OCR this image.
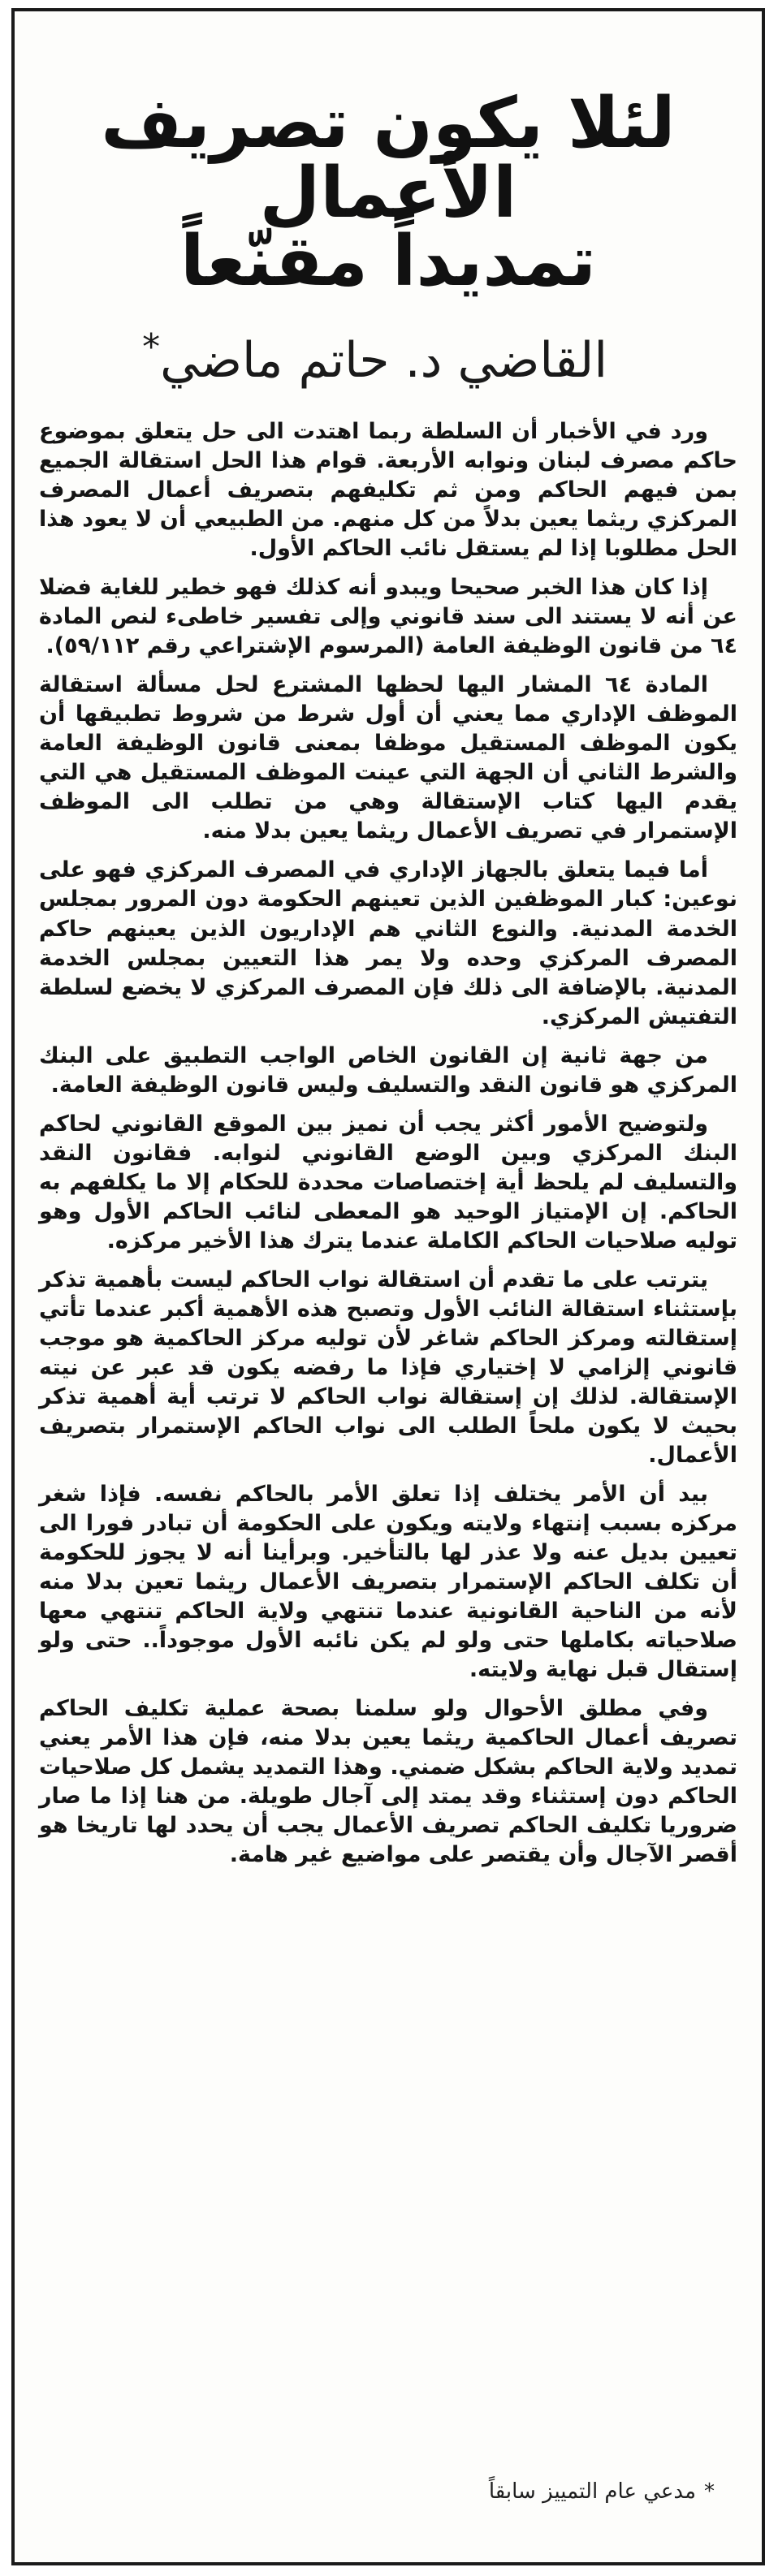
لئلا يكون تصريف الأعمال
تمديداً مقنّعاً
القاضي د. حاتم ماضي*

ورد في الأخبار أن السلطة ربما اهتدت الى حل يتعلق بموضوع حاكم مصرف لبنان ونوابه الأربعة. قوام هذا الحل استقالة الجميع بمن فيهم الحاكم ومن ثم تكليفهم بتصريف أعمال المصرف المركزي ريثما يعين بدلاً من كل منهم. من الطبيعي أن لا يعود هذا الحل مطلوبا إذا لم يستقل نائب الحاكم الأول.

إذا كان هذا الخبر صحيحا ويبدو أنه كذلك فهو خطير للغاية فضلا عن أنه لا يستند الى سند قانوني وإلى تفسير خاطىء لنص المادة ٦٤ من قانون الوظيفة العامة (المرسوم الإشتراعي رقم ٥٩/١١٢).

المادة ٦٤ المشار اليها لحظها المشترع لحل مسألة استقالة الموظف الإداري مما يعني أن أول شرط من شروط تطبيقها أن يكون الموظف المستقيل موظفا بمعنى قانون الوظيفة العامة والشرط الثاني أن الجهة التي عينت الموظف المستقيل هي التي يقدم اليها كتاب الإستقالة وهي من تطلب الى الموظف الإستمرار في تصريف الأعمال ريثما يعين بدلا منه.

أما فيما يتعلق بالجهاز الإداري في المصرف المركزي فهو على نوعين: كبار الموظفين الذين تعينهم الحكومة دون المرور بمجلس الخدمة المدنية. والنوع الثاني هم الإداريون الذين يعينهم حاكم المصرف المركزي وحده ولا يمر هذا التعيين بمجلس الخدمة المدنية. بالإضافة الى ذلك فإن المصرف المركزي لا يخضع لسلطة التفتيش المركزي.

من جهة ثانية إن القانون الخاص الواجب التطبيق على البنك المركزي هو قانون النقد والتسليف وليس قانون الوظيفة العامة.

ولتوضيح الأمور أكثر يجب أن نميز بين الموقع القانوني لحاكم البنك المركزي وبين الوضع القانوني لنوابه. فقانون النقد والتسليف لم يلحظ أية إختصاصات محددة للحكام إلا ما يكلفهم به الحاكم. إن الإمتياز الوحيد هو المعطى لنائب الحاكم الأول وهو توليه صلاحيات الحاكم الكاملة عندما يترك هذا الأخير مركزه.

يترتب على ما تقدم أن استقالة نواب الحاكم ليست بأهمية تذكر بإستثناء استقالة النائب الأول وتصبح هذه الأهمية أكبر عندما تأتي إستقالته ومركز الحاكم شاغر لأن توليه مركز الحاكمية هو موجب قانوني إلزامي لا إختياري فإذا ما رفضه يكون قد عبر عن نيته الإستقالة. لذلك إن إستقالة نواب الحاكم لا ترتب أية أهمية تذكر بحيث لا يكون ملحاً الطلب الى نواب الحاكم الإستمرار بتصريف الأعمال.

بيد أن الأمر يختلف إذا تعلق الأمر بالحاكم نفسه. فإذا شغر مركزه بسبب إنتهاء ولايته ويكون على الحكومة أن تبادر فورا الى تعيين بديل عنه ولا عذر لها بالتأخير. وبرأينا أنه لا يجوز للحكومة أن تكلف الحاكم الإستمرار بتصريف الأعمال ريثما تعين بدلا منه لأنه من الناحية القانونية عندما تنتهي ولاية الحاكم تنتهي معها صلاحياته بكاملها حتى ولو لم يكن نائبه الأول موجوداً.. حتى ولو إستقال قبل نهاية ولايته.

وفي مطلق الأحوال ولو سلمنا بصحة عملية تكليف الحاكم تصريف أعمال الحاكمية ريثما يعين بدلا منه، فإن هذا الأمر يعني تمديد ولاية الحاكم بشكل ضمني. وهذا التمديد يشمل كل صلاحيات الحاكم دون إستثناء وقد يمتد إلى آجال طويلة. من هنا إذا ما صار ضروريا تكليف الحاكم تصريف الأعمال يجب أن يحدد لها تاريخا هو أقصر الآجال وأن يقتصر على مواضيع غير هامة.

*مدعي عام التمييز سابقاً
